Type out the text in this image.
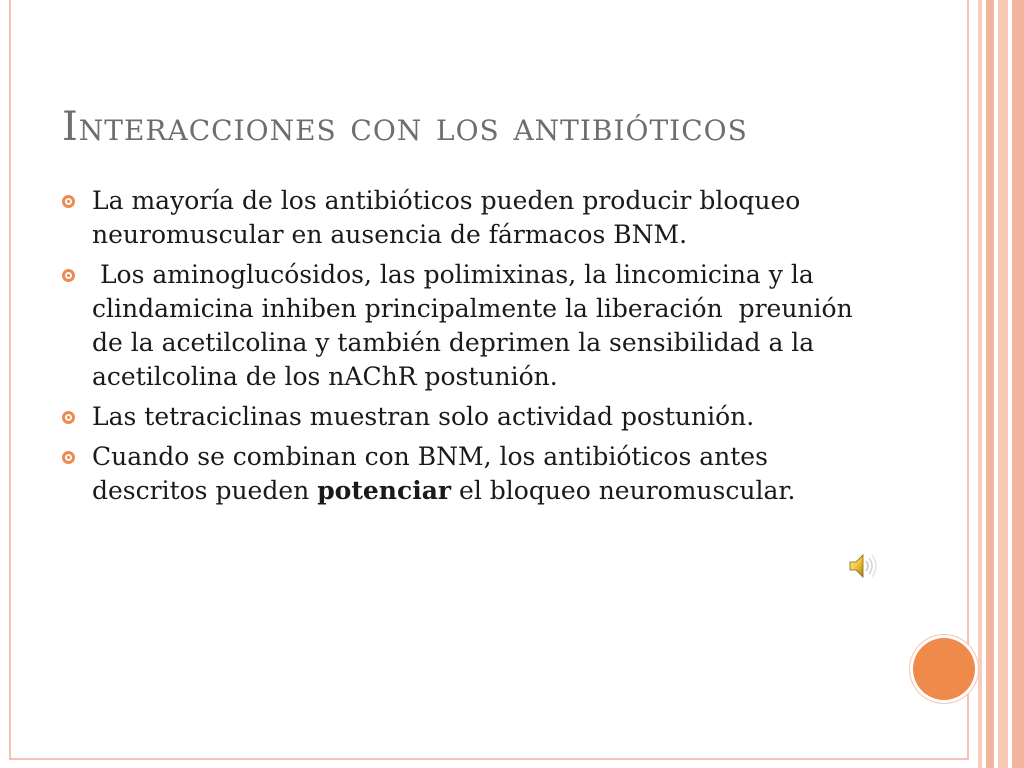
Interacciones con los antibióticos
La mayoría de los antibióticos pueden producir bloqueo neuromuscular en ausencia de fármacos BNM.
Los aminoglucósidos, las polimixinas, la lincomicina y la clindamicina inhiben principalmente la liberación  preunión de la acetilcolina y también deprimen la sensibilidad a la acetilcolina de los nAChR postunión.
Las tetraciclinas muestran solo actividad postunión.
Cuando se combinan con BNM, los antibióticos antes descritos pueden potenciar el bloqueo neuromuscular.
